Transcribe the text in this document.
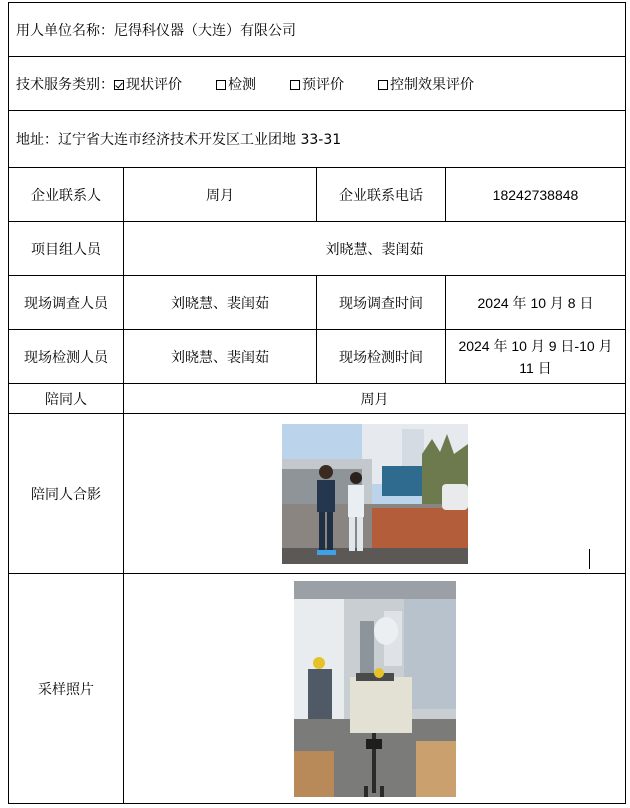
用人单位名称：尼得科仪器（大连）有限公司			
技术服务类别： 现状评价 检测 预评价 控制效果评价			
地址：辽宁省大连市经济技术开发区工业团地 33-31			
企业联系人	周月	企业联系电话	18242738848
项目组人员	刘晓慧、裴闺茹		
现场调查人员	刘晓慧、裴闺茹	现场调查时间	2024 年 10 月 8 日
现场检测人员	刘晓慧、裴闺茹	现场检测时间	2024 年 10 月 9 日-10 月 11 日
陪同人	周月		
陪同人合影	

采样照片	
